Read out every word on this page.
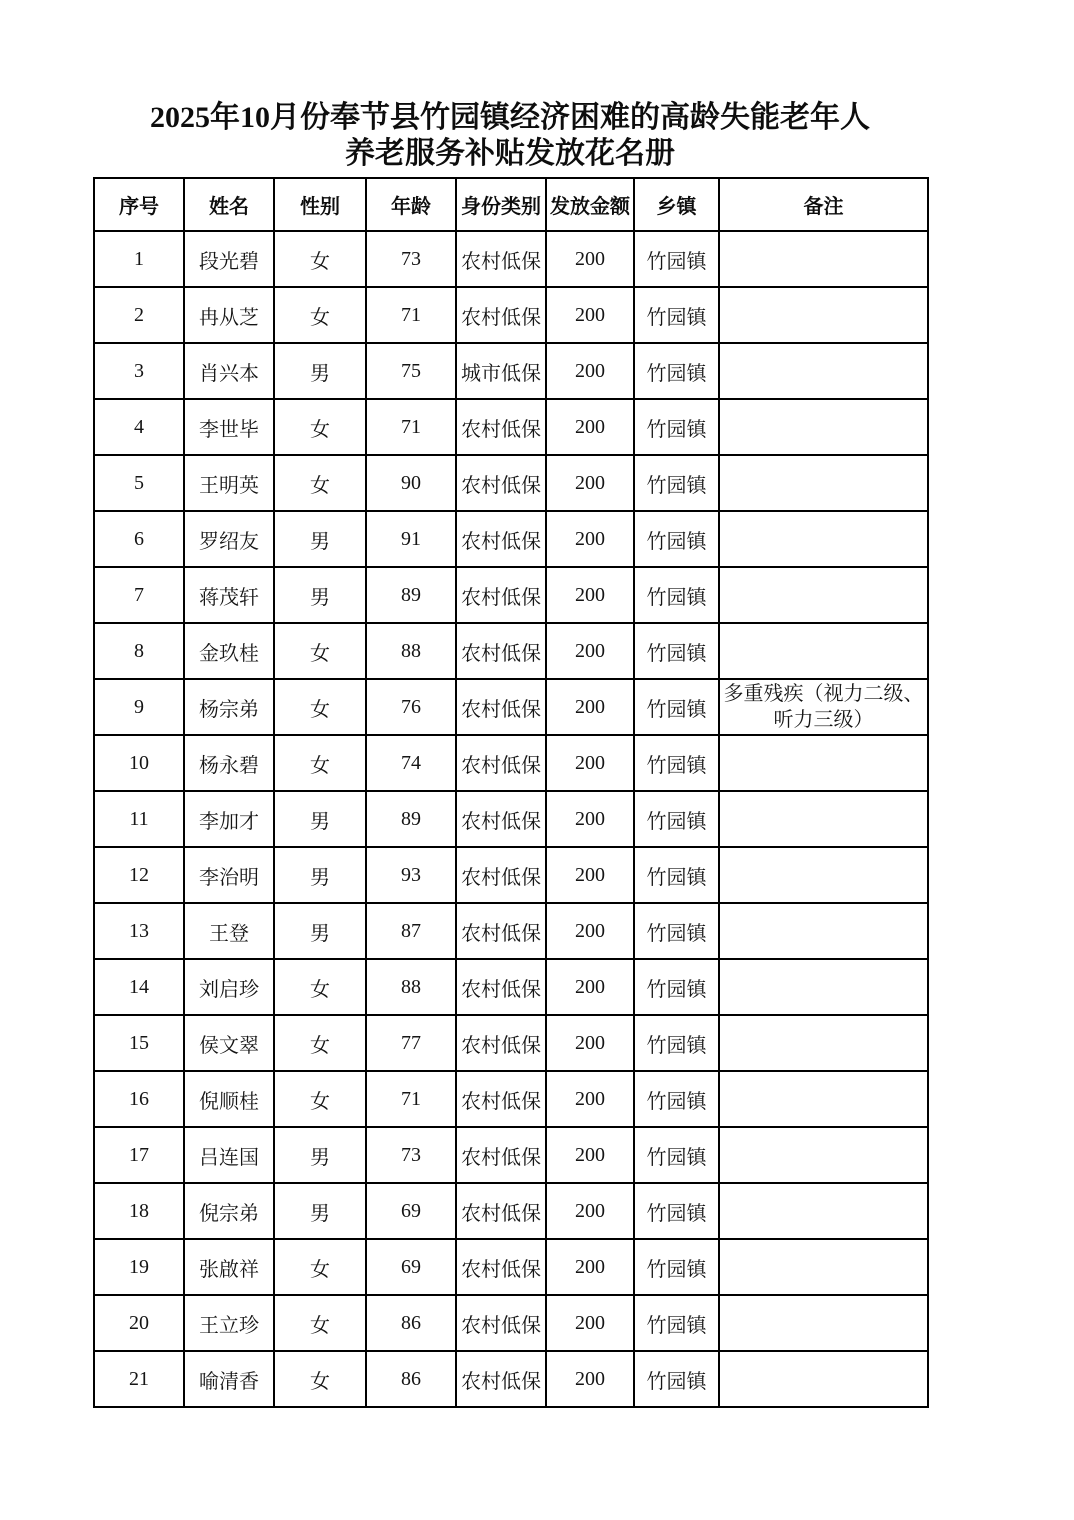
2025年10月份奉节县竹园镇经济困难的高龄失能老年人
养老服务补贴发放花名册
序号	姓名	性别	年龄	身份类别	发放金额	乡镇	备注
1	段光碧	女	73	农村低保	200	竹园镇	
2	冉从芝	女	71	农村低保	200	竹园镇	
3	肖兴本	男	75	城市低保	200	竹园镇	
4	李世毕	女	71	农村低保	200	竹园镇	
5	王明英	女	90	农村低保	200	竹园镇	
6	罗绍友	男	91	农村低保	200	竹园镇	
7	蒋茂轩	男	89	农村低保	200	竹园镇	
8	金玖桂	女	88	农村低保	200	竹园镇	
9	杨宗弟	女	76	农村低保	200	竹园镇	多重残疾（视力二级、听力三级）
10	杨永碧	女	74	农村低保	200	竹园镇	
11	李加才	男	89	农村低保	200	竹园镇	
12	李治明	男	93	农村低保	200	竹园镇	
13	王登	男	87	农村低保	200	竹园镇	
14	刘启珍	女	88	农村低保	200	竹园镇	
15	侯文翠	女	77	农村低保	200	竹园镇	
16	倪顺桂	女	71	农村低保	200	竹园镇	
17	吕连国	男	73	农村低保	200	竹园镇	
18	倪宗弟	男	69	农村低保	200	竹园镇	
19	张啟祥	女	69	农村低保	200	竹园镇	
20	王立珍	女	86	农村低保	200	竹园镇	
21	喻清香	女	86	农村低保	200	竹园镇	
